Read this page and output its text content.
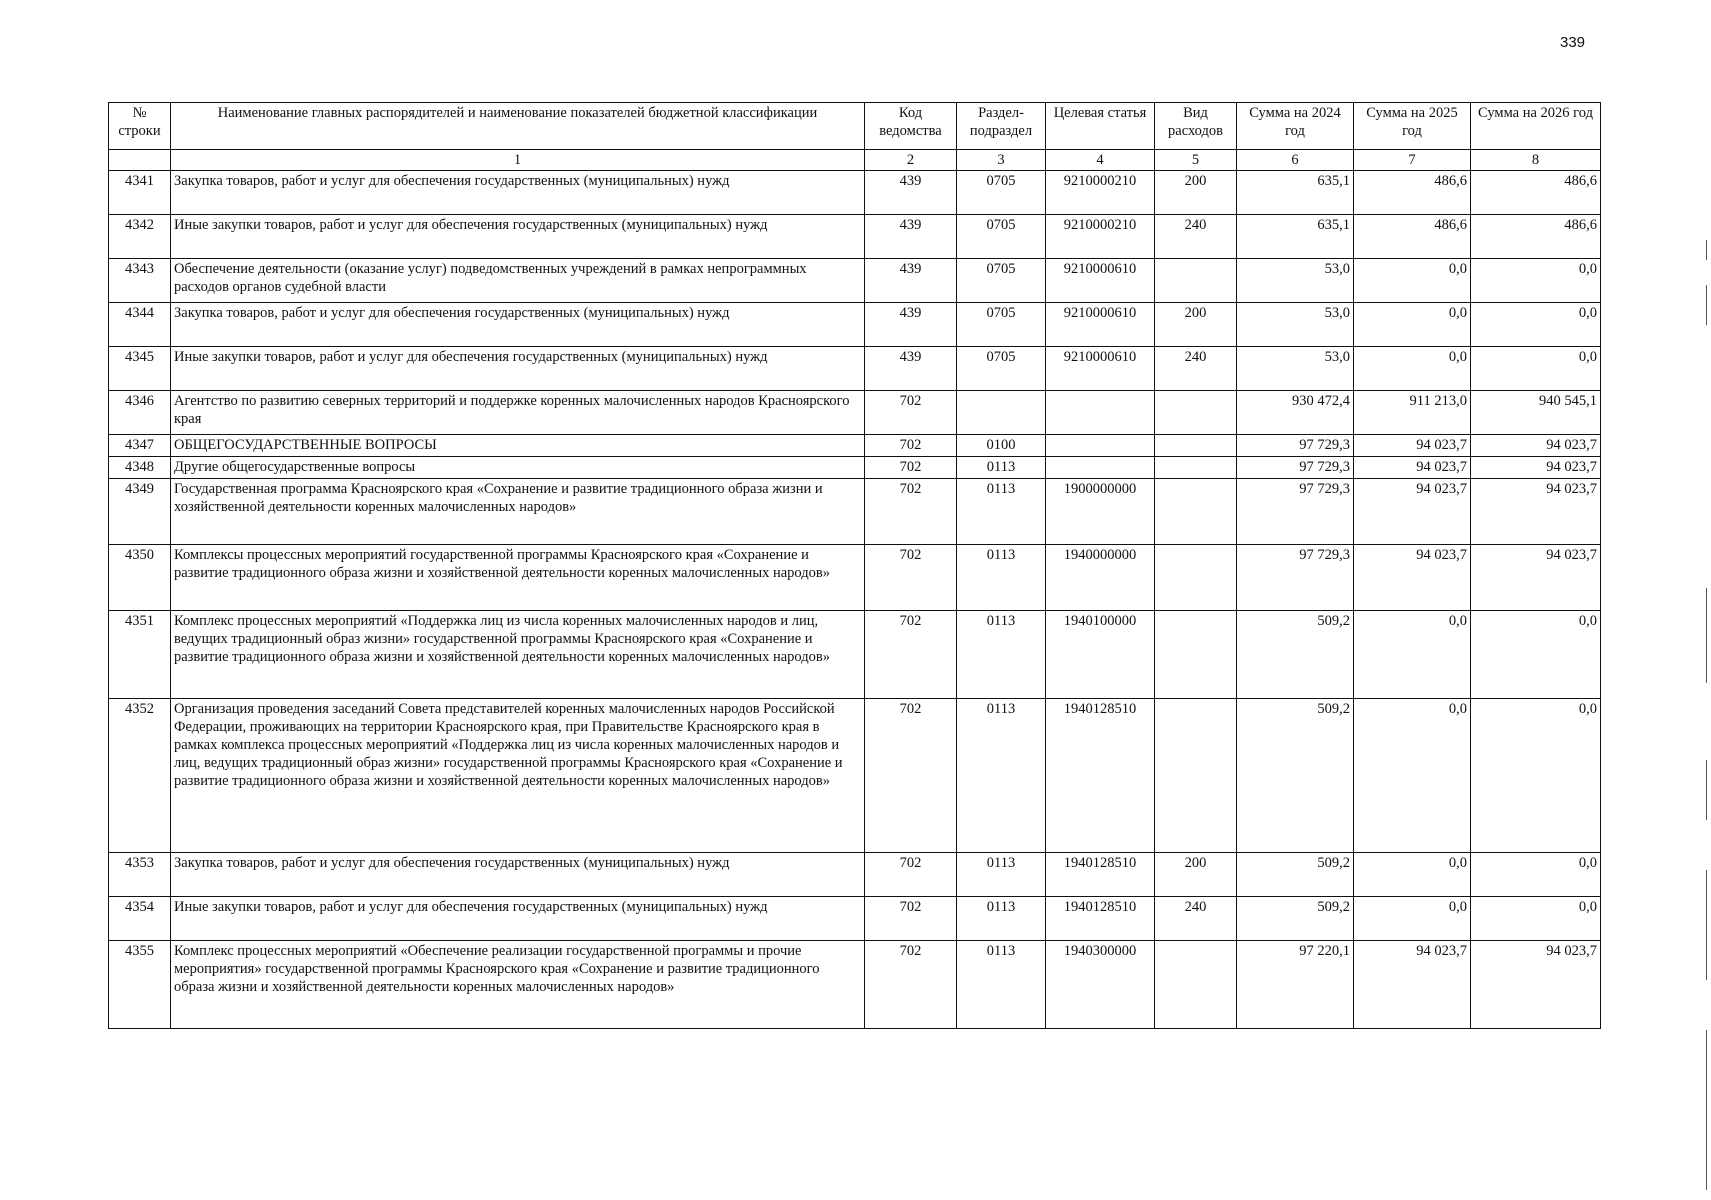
339
№ строки	Наименование главных распорядителей и наименование показателей бюджетной классификации	Код ведомства	Раздел-подраздел	Целевая статья	Вид расходов	Сумма на 2024 год	Сумма на 2025 год	Сумма на 2026 год
	1	2	3	4	5	6	7	8
4341	Закупка товаров, работ и услуг для обеспечения государственных (муниципальных) нужд	439	0705	9210000210	200	635,1	486,6	486,6
4342	Иные закупки товаров, работ и услуг для обеспечения государственных (муниципальных) нужд	439	0705	9210000210	240	635,1	486,6	486,6
4343	Обеспечение деятельности (оказание услуг) подведомственных учреждений в рамках непрограммных расходов органов судебной власти	439	0705	9210000610		53,0	0,0	0,0
4344	Закупка товаров, работ и услуг для обеспечения государственных (муниципальных) нужд	439	0705	9210000610	200	53,0	0,0	0,0
4345	Иные закупки товаров, работ и услуг для обеспечения государственных (муниципальных) нужд	439	0705	9210000610	240	53,0	0,0	0,0
4346	Агентство по развитию северных территорий и поддержке коренных малочисленных народов Красноярского края	702				930 472,4	911 213,0	940 545,1
4347	ОБЩЕГОСУДАРСТВЕННЫЕ ВОПРОСЫ	702	0100			97 729,3	94 023,7	94 023,7
4348	Другие общегосударственные вопросы	702	0113			97 729,3	94 023,7	94 023,7
4349	Государственная программа Красноярского края «Сохранение и развитие традиционного образа жизни и хозяйственной деятельности коренных малочисленных народов»	702	0113	1900000000		97 729,3	94 023,7	94 023,7
4350	Комплексы процессных мероприятий государственной программы Красноярского края «Сохранение и развитие традиционного образа жизни и хозяйственной деятельности коренных малочисленных народов»	702	0113	1940000000		97 729,3	94 023,7	94 023,7
4351	Комплекс процессных мероприятий «Поддержка лиц из числа коренных малочисленных народов и лиц, ведущих традиционный образ жизни» государственной программы Красноярского края «Сохранение и развитие традиционного образа жизни и хозяйственной деятельности коренных малочисленных народов»	702	0113	1940100000		509,2	0,0	0,0
4352	Организация проведения заседаний Совета представителей коренных малочисленных народов Российской Федерации, проживающих на территории Красноярского края, при Правительстве Красноярского края в рамках комплекса процессных мероприятий «Поддержка лиц из числа коренных малочисленных народов и лиц, ведущих традиционный образ жизни» государственной программы Красноярского края «Сохранение и развитие традиционного образа жизни и хозяйственной деятельности коренных малочисленных народов»	702	0113	1940128510		509,2	0,0	0,0
4353	Закупка товаров, работ и услуг для обеспечения государственных (муниципальных) нужд	702	0113	1940128510	200	509,2	0,0	0,0
4354	Иные закупки товаров, работ и услуг для обеспечения государственных (муниципальных) нужд	702	0113	1940128510	240	509,2	0,0	0,0
4355	Комплекс процессных мероприятий «Обеспечение реализации государственной программы и прочие мероприятия» государственной программы Красноярского края «Сохранение и развитие традиционного образа жизни и хозяйственной деятельности коренных малочисленных народов»	702	0113	1940300000		97 220,1	94 023,7	94 023,7
